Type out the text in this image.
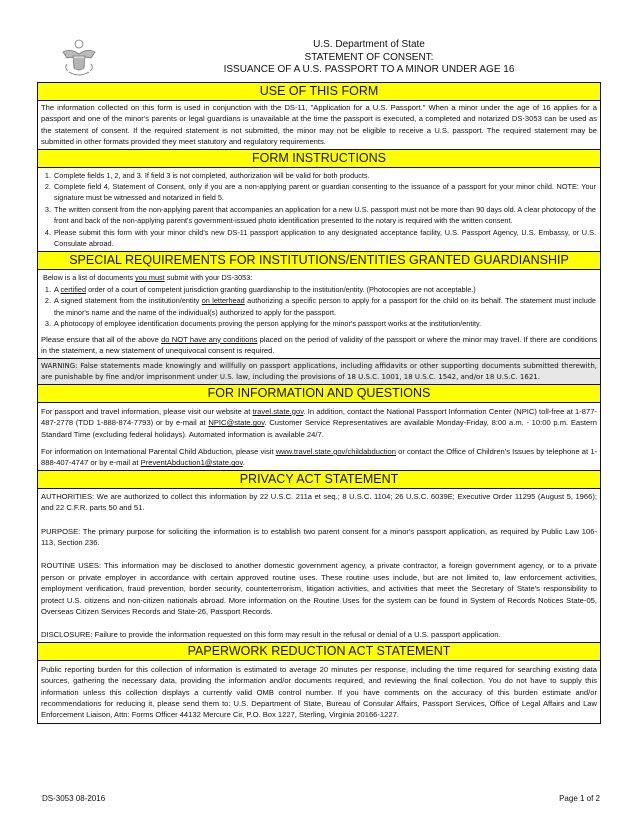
U.S. Department of State
STATEMENT OF CONSENT:
ISSUANCE OF A U.S. PASSPORT TO A MINOR UNDER AGE 16
USE OF THIS FORM
The information collected on this form is used in conjunction with the DS-11, "Application for a U.S. Passport." When a minor under the age of 16 applies for a passport and one of the minor's parents or legal guardians is unavailable at the time the passport is executed, a completed and notarized DS-3053 can be used as the statement of consent. If the required statement is not submitted, the minor may not be eligible to receive a U.S. passport. The required statement may be submitted in other formats provided they meet statutory and regulatory requirements.
FORM INSTRUCTIONS
1. Complete fields 1, 2, and 3. If field 3 is not completed, authorization will be valid for both products.
2. Complete field 4, Statement of Consent, only if you are a non-applying parent or guardian consenting to the issuance of a passport for your minor child. NOTE: Your signature must be witnessed and notarized in field 5.
3. The written consent from the non-applying parent that accompanies an application for a new U.S. passport must not be more than 90 days old. A clear photocopy of the front and back of the non-applying parent's government-issued photo identification presented to the notary is required with the written consent.
4. Please submit this form with your minor child's new DS-11 passport application to any designated acceptance facility, U.S. Passport Agency, U.S. Embassy, or U.S. Consulate abroad.
SPECIAL REQUIREMENTS FOR INSTITUTIONS/ENTITIES GRANTED GUARDIANSHIP
Below is a list of documents you must submit with your DS-3053:
1. A certified order of a court of competent jurisdiction granting guardianship to the institution/entity. (Photocopies are not acceptable.)
2. A signed statement from the institution/entity on letterhead authorizing a specific person to apply for a passport for the child on its behalf. The statement must include the minor's name and the name of the individual(s) authorized to apply for the passport.
3. A photocopy of employee identification documents proving the person applying for the minor's passport works at the institution/entity.
Please ensure that all of the above do NOT have any conditions placed on the period of validity of the passport or where the minor may travel. If there are conditions in the statement, a new statement of unequivocal consent is required.
WARNING: False statements made knowingly and willfully on passport applications, including affidavits or other supporting documents submitted therewith, are punishable by fine and/or imprisonment under U.S. law, including the provisions of 18 U.S.C. 1001, 18 U.S.C. 1542, and/or 18 U.S.C. 1621.
FOR INFORMATION AND QUESTIONS
For passport and travel information, please visit our website at travel.state.gov. In addition, contact the National Passport Information Center (NPIC) toll-free at 1-877-487-2778 (TDD 1-888-874-7793) or by e-mail at NPIC@state.gov. Customer Service Representatives are available Monday-Friday, 8:00 a.m. - 10:00 p.m. Eastern Standard Time (excluding federal holidays). Automated information is available 24/7.
For information on International Parental Child Abduction, please visit www.travel.state.gov/childabduction or contact the Office of Children's Issues by telephone at 1-888-407-4747 or by e-mail at PreventAbduction1@state.gov.
PRIVACY ACT STATEMENT
AUTHORITIES: We are authorized to collect this information by 22 U.S.C. 211a et seq.; 8 U.S.C. 1104; 26 U.S.C. 6039E; Executive Order 11295 (August 5, 1966); and 22 C.F.R. parts 50 and 51.
PURPOSE: The primary purpose for soliciting the information is to establish two parent consent for a minor's passport application, as required by Public Law 106-113, Section 236.
ROUTINE USES: This information may be disclosed to another domestic government agency, a private contractor, a foreign government agency, or to a private person or private employer in accordance with certain approved routine uses. These routine uses include, but are not limited to, law enforcement activities, employment verification, fraud prevention, border security, counterterrorism, litigation activities, and activities that meet the Secretary of State's responsibility to protect U.S. citizens and non-citizen nationals abroad. More information on the Routine Uses for the system can be found in System of Records Notices State-05, Overseas Citizen Services Records and State-26, Passport Records.
DISCLOSURE: Failure to provide the information requested on this form may result in the refusal or denial of a U.S. passport application.
PAPERWORK REDUCTION ACT STATEMENT
Public reporting burden for this collection of information is estimated to average 20 minutes per response, including the time required for searching existing data sources, gathering the necessary data, providing the information and/or documents required, and reviewing the final collection. You do not have to supply this information unless this collection displays a currently valid OMB control number. If you have comments on the accuracy of this burden estimate and/or recommendations for reducing it, please send them to: U.S. Department of State, Bureau of Consular Affairs, Passport Services, Office of Legal Affairs and Law Enforcement Liaison, Attn: Forms Officer 44132 Mercure Cir, P.O. Box 1227, Sterling, Virginia 20166-1227.
DS-3053 08-2016	Page 1 of 2
